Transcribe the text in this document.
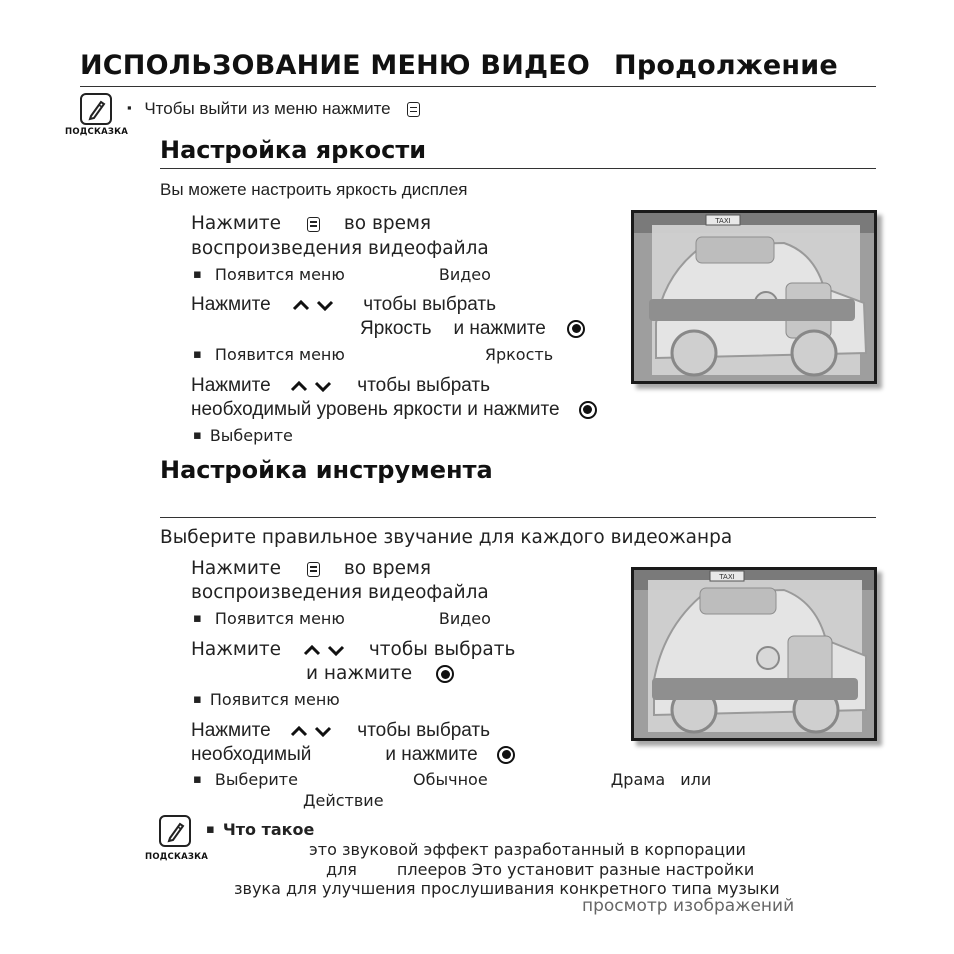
ИСПОЛЬЗОВАНИЕ МЕНЮ ВИДЕО Продолжение
ПОДСКАЗКА
▪ Чтобы выйти из меню нажмите
Настройка яркости
Вы можете настроить яркость дисплея
Нажмите	во время
воспроизведения видеофайла
▪ Появится меню	Видео
Нажмите	чтобы выбрать
Яркость и нажмите
▪ Появится меню	Яркость
Нажмите	чтобы выбрать
необходимый уровень яркости и нажмите
▪ Выберите
TAXI
Настройка инструмента
Выберите правильное звучание для каждого видеожанра
Нажмите	во время
воспроизведения видеофайла
▪ Появится меню	Видео
Нажмите	чтобы выбрать
и нажмите
▪ Появится меню
Нажмите	чтобы выбрать
необходимый	и нажмите
▪ Выберите	Обычное	Драма или
Действие
TAXI
ПОДСКАЗКА
▪ Что такое
это звуковой эффект разработанный в корпорации
для	плееров Это установит разные настройки
звука для улучшения прослушивания конкретного типа музыки
просмотр изображений
